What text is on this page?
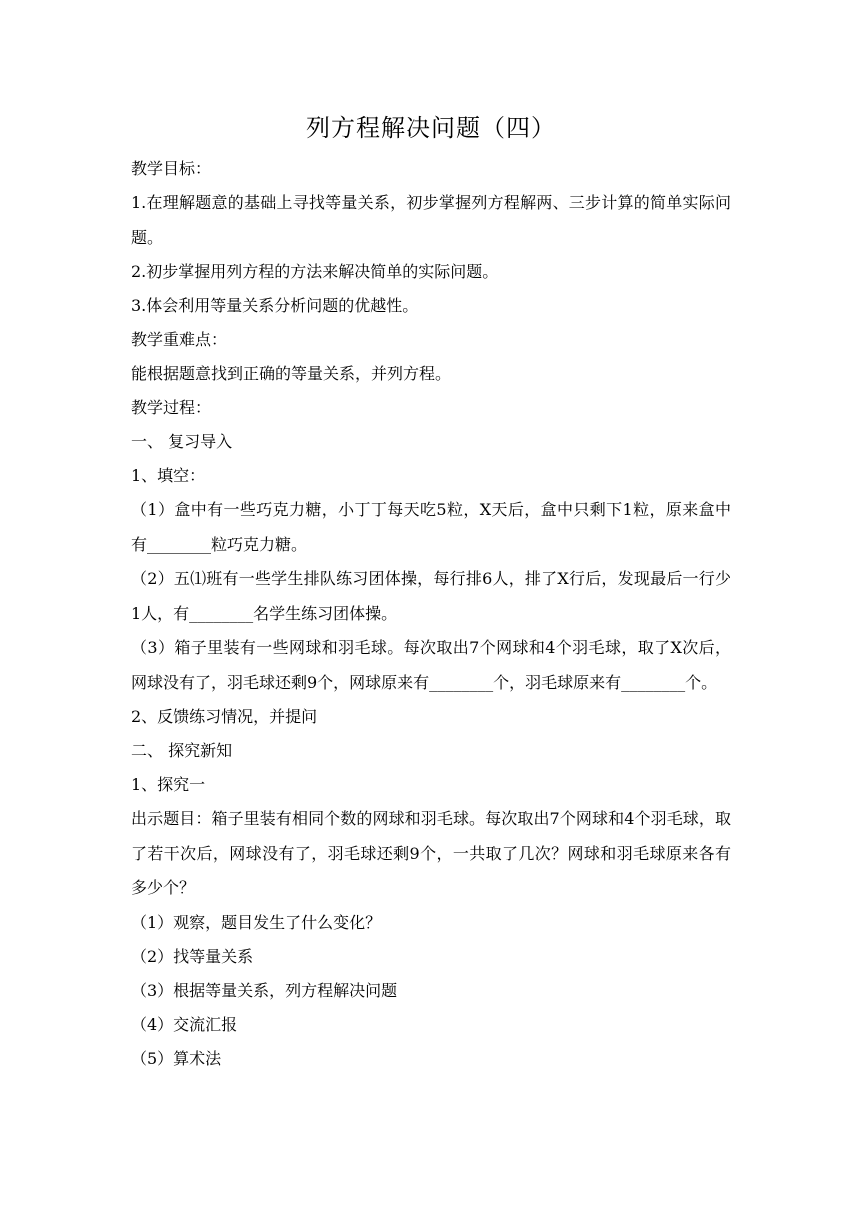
列方程解决问题（四）

教学目标：

1.在理解题意的基础上寻找等量关系，初步掌握列方程解两、三步计算的简单实际问题。

2.初步掌握用列方程的方法来解决简单的实际问题。

3.体会利用等量关系分析问题的优越性。

教学重难点：

能根据题意找到正确的等量关系，并列方程。

教学过程：

一、 复习导入

1、填空：

（1）盒中有一些巧克力糖，小丁丁每天吃5粒，X天后，盒中只剩下1粒，原来盒中有________粒巧克力糖。

（2）五⑴班有一些学生排队练习团体操，每行排6人，排了X行后，发现最后一行少1人，有________名学生练习团体操。

（3）箱子里装有一些网球和羽毛球。每次取出7个网球和4个羽毛球，取了X次后，网球没有了，羽毛球还剩9个，网球原来有________个，羽毛球原来有________个。

2、反馈练习情况，并提问

二、 探究新知

1、探究一

出示题目：箱子里装有相同个数的网球和羽毛球。每次取出7个网球和4个羽毛球，取了若干次后，网球没有了，羽毛球还剩9个，一共取了几次？网球和羽毛球原来各有多少个？

（1）观察，题目发生了什么变化？

（2）找等量关系

（3）根据等量关系，列方程解决问题

（4）交流汇报

（5）算术法
